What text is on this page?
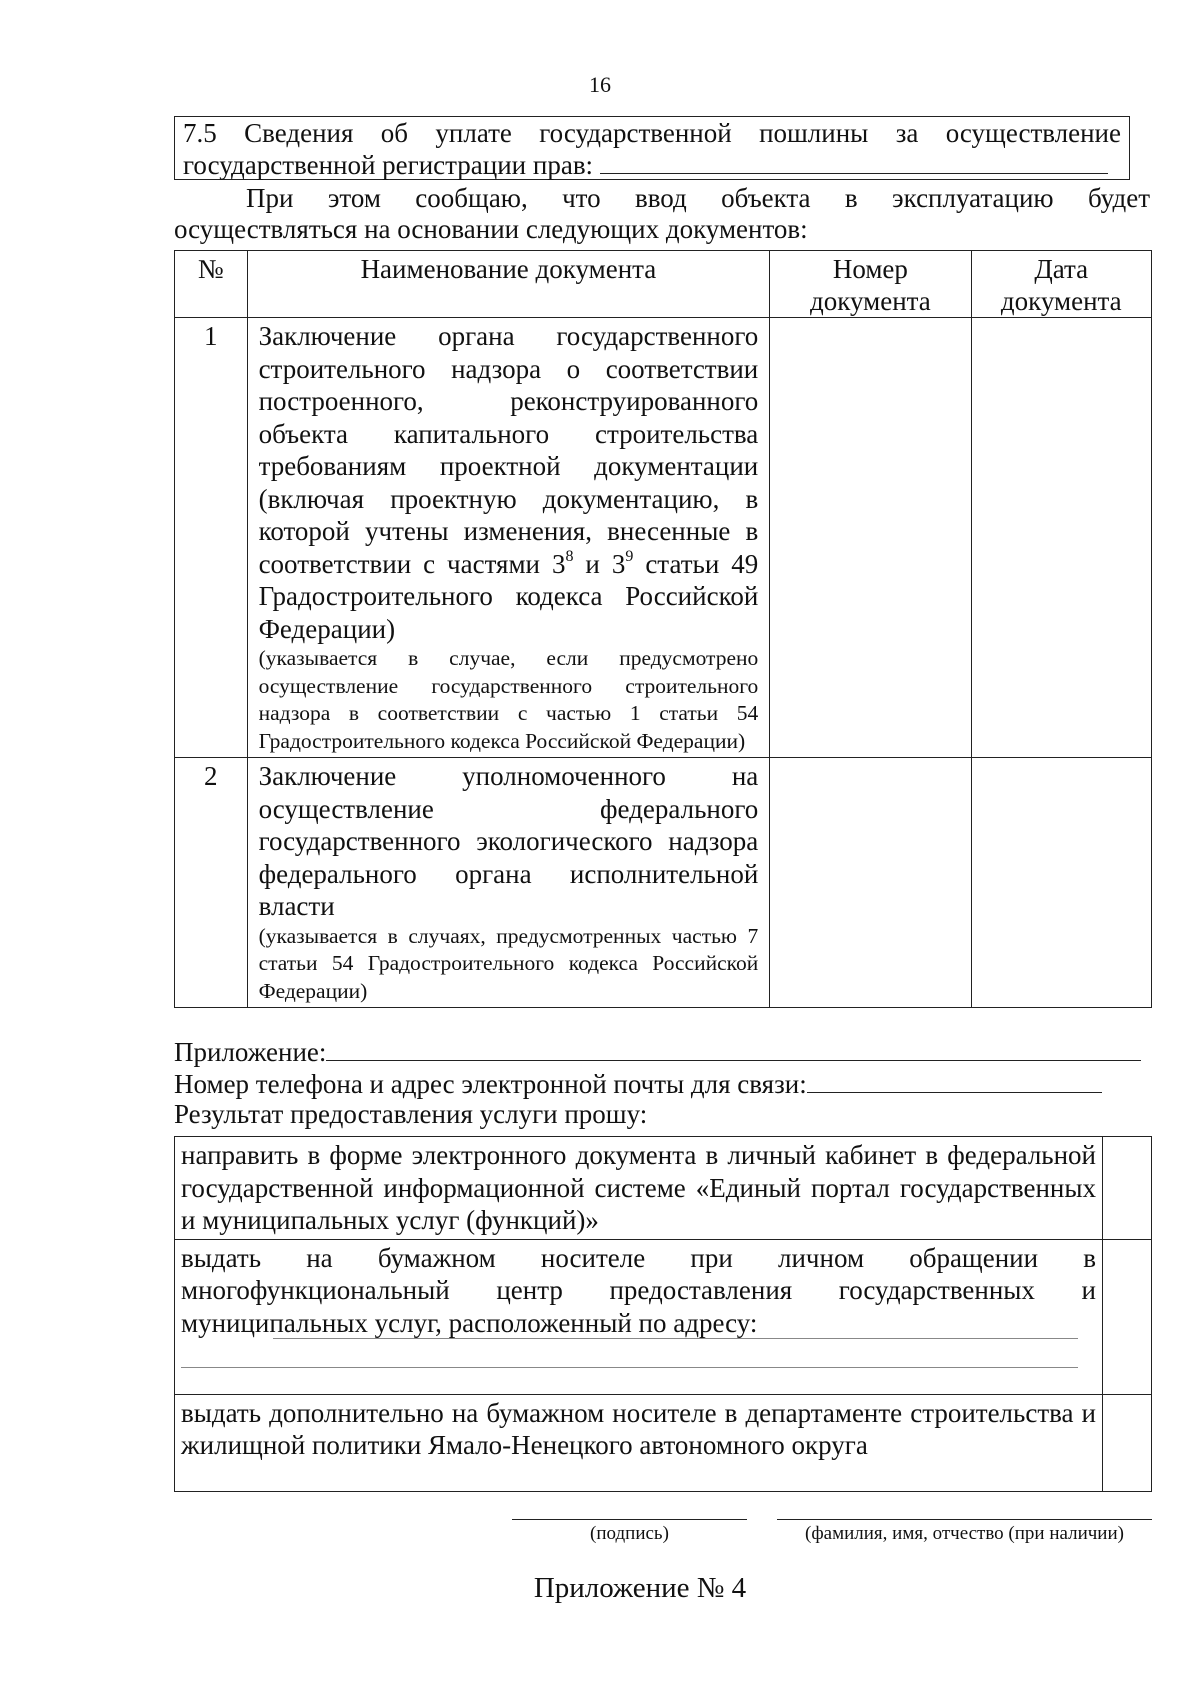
16
7.5 Сведения об уплате государственной пошлины за осуществление
государственной регистрации прав:
При этом сообщаю, что ввод объекта в эксплуатацию будет
осуществляться на основании следующих документов:
№	Наименование документа	Номер документа	Дата документа
1	Заключение органа государственного строительного надзора о соответствии построенного, реконструированного объекта капитального строительства требованиям проектной документации (включая проектную документацию, в которой учтены изменения, внесенные в соответствии с частями $3^8$ и $3^9$ статьи 49 Градостроительного кодекса Российской Федерации)
(указывается в случае, если предусмотрено осуществление государственного строительного надзора в соответствии с частью 1 статьи 54 Градостроительного кодекса Российской Федерации)		

2	Заключение уполномоченного на осуществление федерального государственного экологического надзора федерального органа исполнительной власти
(указывается в случаях, предусмотренных частью 7 статьи 54 Градостроительного кодекса Российской Федерации)		

Приложение:
Номер телефона и адрес электронной почты для связи:
Результат предоставления услуги прошу:
направить в форме электронного документа в личный кабинет в федеральной государственной информационной системе «Единый портал государственных и муниципальных услуг (функций)»	

выдать на бумажном носителе при личном обращении в многофункциональный центр предоставления государственных и муниципальных услуг, расположенный по адресу:	

выдать дополнительно на бумажном носителе в департаменте строительства и жилищной политики Ямало-Ненецкого автономного округа	
(подпись)	(фамилия, имя, отчество (при наличии)
Приложение № 4
